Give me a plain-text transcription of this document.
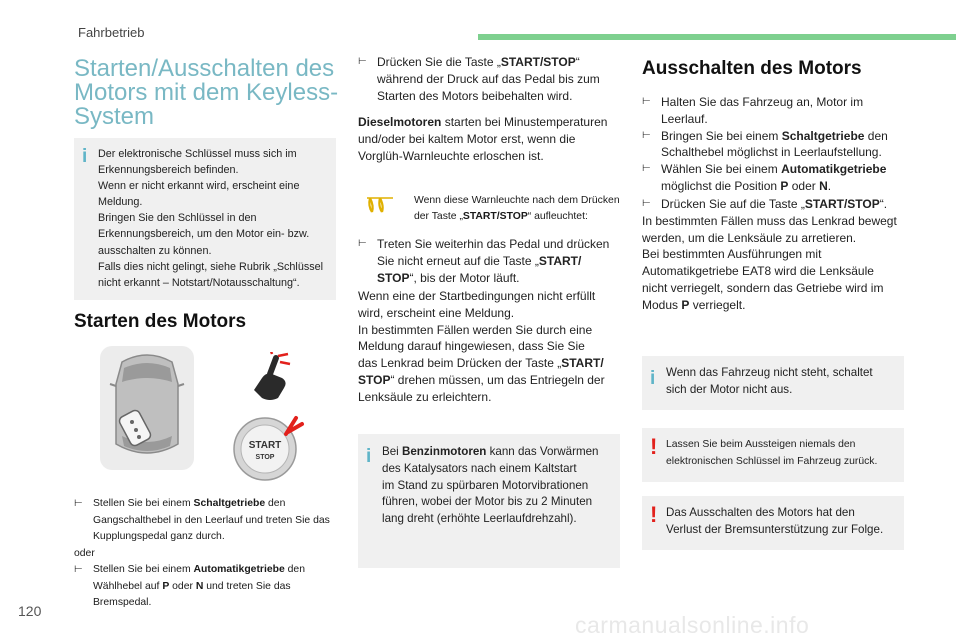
Fahrbetrieb
Starten/Ausschalten des Motors mit dem Keyless-System
i Der elektronische Schlüssel muss sich im

Erkennungsbereich befinden.

Wenn er nicht erkannt wird, erscheint eine

Meldung.

Bringen Sie den Schlüssel in den

Erkennungsbereich, um den Motor ein- bzw.

ausschalten zu können.

Falls dies nicht gelingt, siehe Rubrik „Schlüssel

nicht erkannt – Notstart/Notausschaltung“.

Starten des Motors
START
STOP
⊢ Stellen Sie bei einem Schaltgetriebe den
Gangschalthebel in den Leerlauf und treten Sie das
Kupplungspedal ganz durch.
oder
⊢ Stellen Sie bei einem Automatikgetriebe den
Wählhebel auf P oder N und treten Sie das Bremspedal.
⊢ Drücken Sie die Taste „START/STOP“
während der Druck auf das Pedal bis zum
Starten des Motors beibehalten wird.
Dieselmotoren starten bei Minustemperaturen
und/oder bei kaltem Motor erst, wenn die
Vorglüh-Warnleuchte erloschen ist.
Wenn diese Warnleuchte nach dem Drücken
der Taste „START/STOP“ aufleuchtet:
⊢ Treten Sie weiterhin das Pedal und drücken
Sie nicht erneut auf die Taste „START/
STOP“, bis der Motor läuft.
Wenn eine der Startbedingungen nicht erfüllt
wird, erscheint eine Meldung.
In bestimmten Fällen werden Sie durch eine
Meldung darauf hingewiesen, dass Sie Sie
das Lenkrad beim Drücken der Taste „START/
STOP“ drehen müssen, um das Entriegeln der
Lenksäule zu erleichtern.
i Bei Benzinmotoren kann das Vorwärmen

des Katalysators nach einem Kaltstart

im Stand zu spürbaren Motorvibrationen

führen, wobei der Motor bis zu 2 Minuten

lang dreht (erhöhte Leerlaufdrehzahl).

Ausschalten des Motors
⊢ Halten Sie das Fahrzeug an, Motor im
Leerlauf.
⊢ Bringen Sie bei einem Schaltgetriebe den
Schalthebel möglichst in Leerlaufstellung.
⊢ Wählen Sie bei einem Automatikgetriebe
möglichst die Position P oder N.
⊢ Drücken Sie auf die Taste „START/STOP“.
In bestimmten Fällen muss das Lenkrad bewegt
werden, um die Lenksäule zu arretieren.
Bei bestimmten Ausführungen mit
Automatikgetriebe EAT8 wird die Lenksäule
nicht verriegelt, sondern das Getriebe wird im
Modus P verriegelt.
i Wenn das Fahrzeug nicht steht, schaltet

sich der Motor nicht aus.

! Lassen Sie beim Aussteigen niemals den

elektronischen Schlüssel im Fahrzeug zurück.

! Das Ausschalten des Motors hat den

Verlust der Bremsunterstützung zur Folge.

120
carmanualsonline.info
